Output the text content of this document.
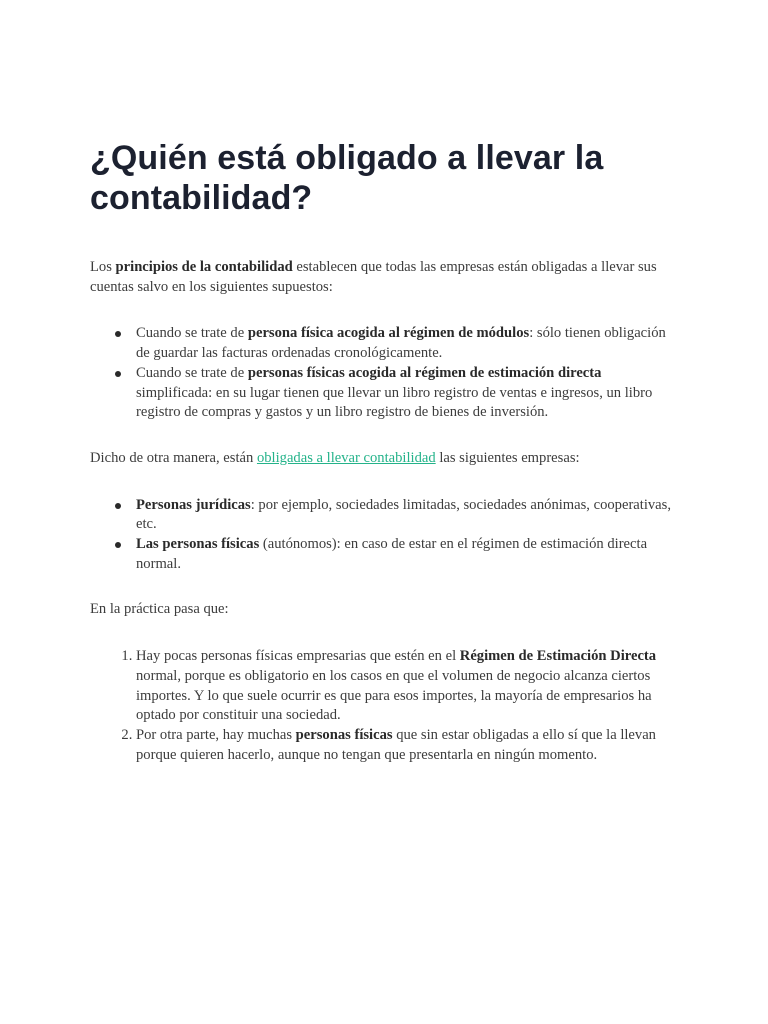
¿Quién está obligado a llevar la contabilidad?

Los principios de la contabilidad establecen que todas las empresas están obligadas a llevar sus cuentas salvo en los siguientes supuestos:

Cuando se trate de persona física acogida al régimen de módulos: sólo tienen obligación de guardar las facturas ordenadas cronológicamente.
Cuando se trate de personas físicas acogida al régimen de estimación directa simplificada: en su lugar tienen que llevar un libro registro de ventas e ingresos, un libro registro de compras y gastos y un libro registro de bienes de inversión.

Dicho de otra manera, están obligadas a llevar contabilidad las siguientes empresas:

Personas jurídicas: por ejemplo, sociedades limitadas, sociedades anónimas, cooperativas, etc.
Las personas físicas (autónomos): en caso de estar en el régimen de estimación directa normal.

En la práctica pasa que:

1. Hay pocas personas físicas empresarias que estén en el Régimen de Estimación Directa normal, porque es obligatorio en los casos en que el volumen de negocio alcanza ciertos importes. Y lo que suele ocurrir es que para esos importes, la mayoría de empresarios ha optado por constituir una sociedad.
2. Por otra parte, hay muchas personas físicas que sin estar obligadas a ello sí que la llevan porque quieren hacerlo, aunque no tengan que presentarla en ningún momento.
